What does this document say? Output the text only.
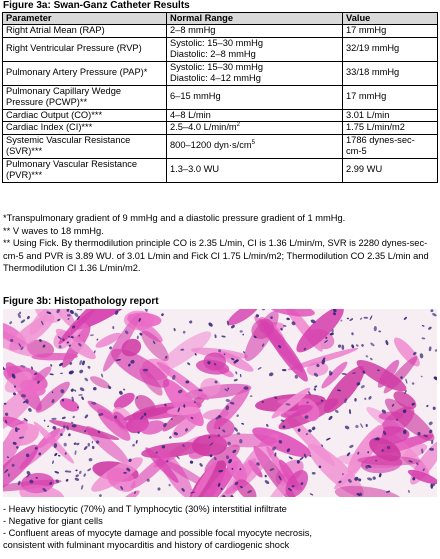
Figure 3a: Swan-Ganz Catheter Results
Parameter	Normal Range	Value

Right Atrial Mean (RAP)	2–8 mmHg	17 mmHg

Right Ventricular Pressure (RVP)	Systolic: 15–30 mmHg
Diastolic: 2–8 mmHg	32/19 mmHg

Pulmonary Artery Pressure (PAP)*	Systolic: 15–30 mmHg
Diastolic: 4–12 mmHg	33/18 mmHg

Pulmonary Capillary Wedge
Pressure (PCWP)**	6–15 mmHg	17 mmHg

Cardiac Output (CO)***	4–8 L/min	3.01 L/min

Cardiac Index (CI)***	2.5–4.0 $L/\min/m^2$	1.75 L/min/m2

Systemic Vascular Resistance
(SVR)***	800–1200 $dyn\cdot s/cm^5$	1786 dynes-sec-
cm-5

Pulmonary Vascular Resistance
(PVR)***	1.3–3.0 WU	2.99 WU

*Transpulmonary gradient of 9 mmHg and a diastolic pressure gradient of 1 mmHg.

** V waves to 18 mmHg.

** Using Fick. By thermodilution principle CO is 2.35 L/min, CI is 1.36 L/min/m, SVR is 2280 dynes-sec-cm-5 and PVR is 3.89 WU. of 3.01 L/min and Fick CI 1.75 L/min/m2; Thermodilution CO 2.35 L/min and Thermodilution CI 1.36 L/min/m2.

Figure 3b: Histopathology report

- Heavy histiocytic (70%) and T lymphocytic (30%) interstitial infiltrate

- Negative for giant cells

- Confluent areas of myocyte damage and possible focal myocyte necrosis,

consistent with fulminant myocarditis and history of cardiogenic shock
